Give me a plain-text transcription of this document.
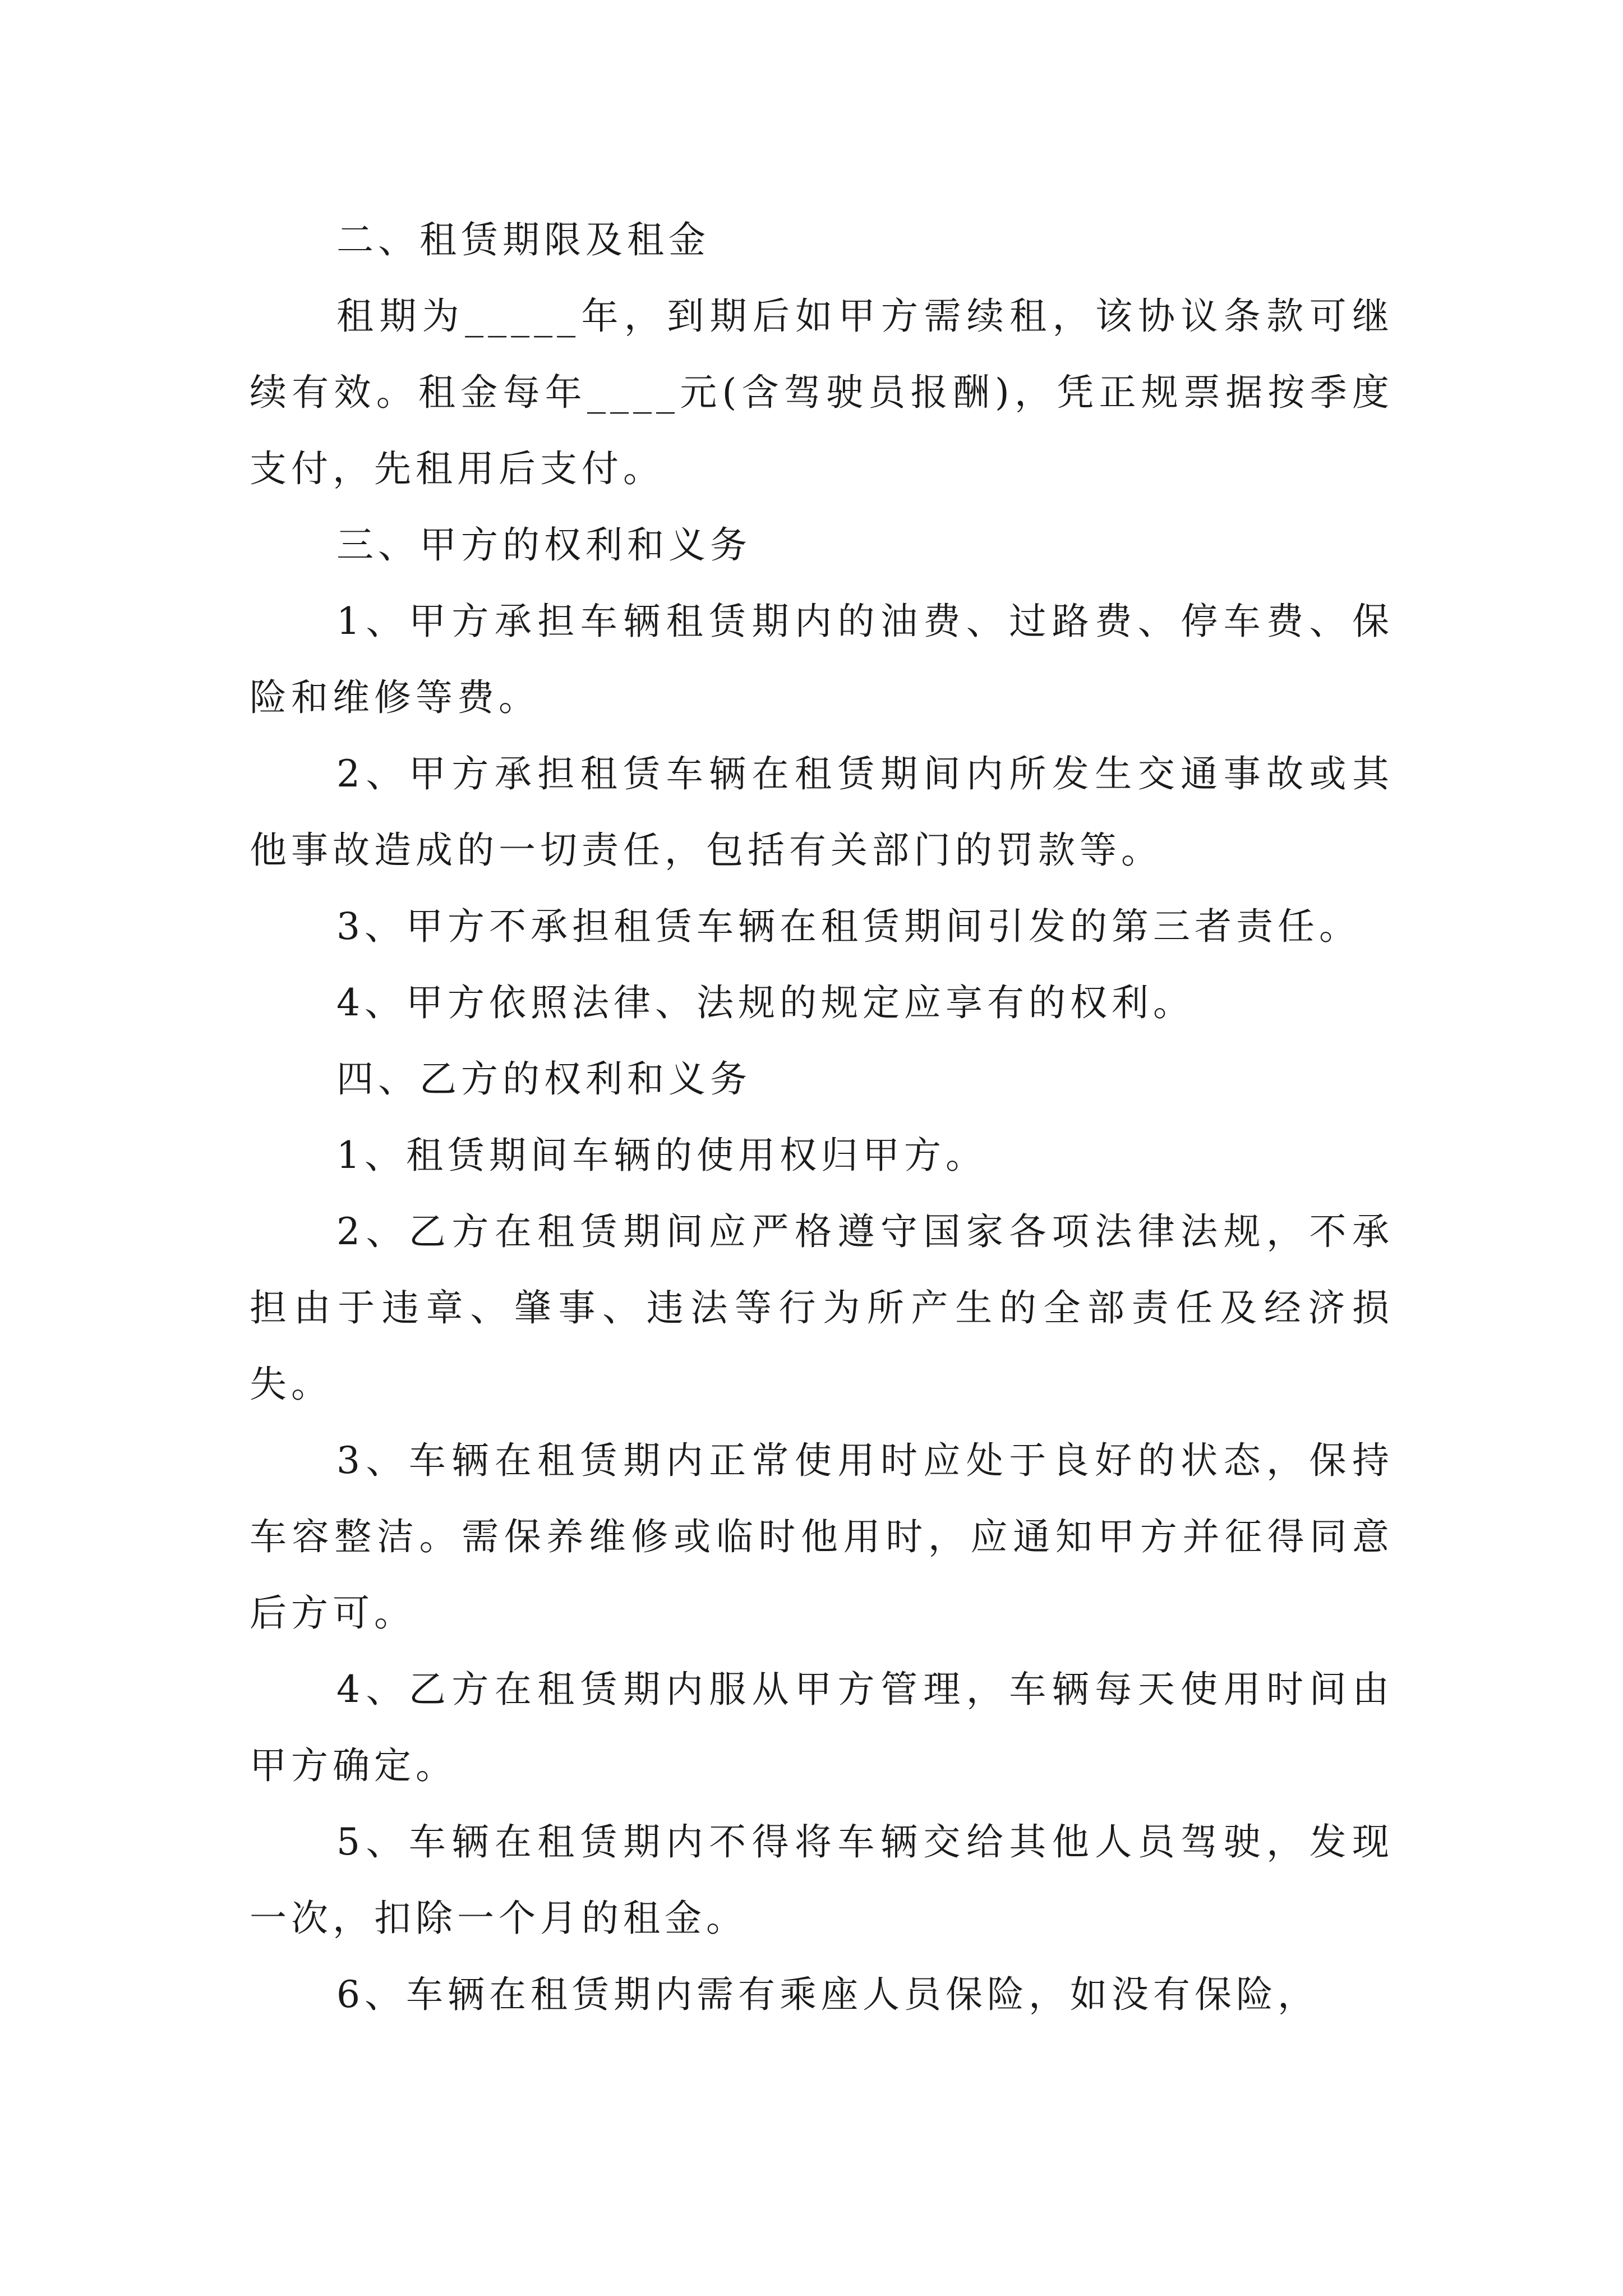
二、租赁期限及租金

租期为_____年，到期后如甲方需续租，该协议条款可继续有效。租金每年____元(含驾驶员报酬)，凭正规票据按季度支付，先租用后支付。

三、甲方的权利和义务

1、甲方承担车辆租赁期内的油费、过路费、停车费、保险和维修等费。

2、甲方承担租赁车辆在租赁期间内所发生交通事故或其他事故造成的一切责任，包括有关部门的罚款等。

3、甲方不承担租赁车辆在租赁期间引发的第三者责任。

4、甲方依照法律、法规的规定应享有的权利。

四、乙方的权利和义务

1、租赁期间车辆的使用权归甲方。

2、乙方在租赁期间应严格遵守国家各项法律法规，不承担由于违章、肇事、违法等行为所产生的全部责任及经济损失。

3、车辆在租赁期内正常使用时应处于良好的状态，保持车容整洁。需保养维修或临时他用时，应通知甲方并征得同意后方可。

4、乙方在租赁期内服从甲方管理，车辆每天使用时间由甲方确定。

5、车辆在租赁期内不得将车辆交给其他人员驾驶，发现一次，扣除一个月的租金。

6、车辆在租赁期内需有乘座人员保险，如没有保险，
